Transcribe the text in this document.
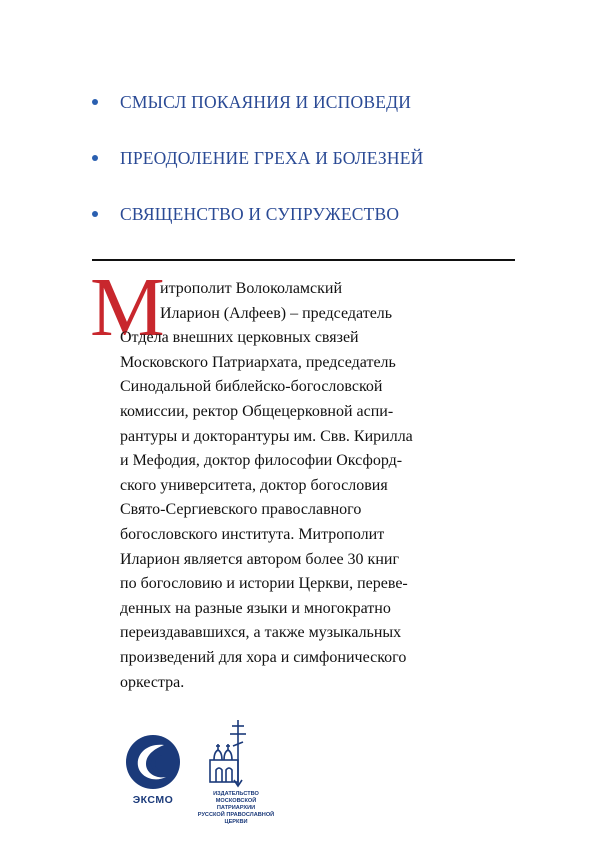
СМЫСЛ ПОКАЯНИЯ И ИСПОВЕДИ
ПРЕОДОЛЕНИЕ ГРЕХА И БОЛЕЗНЕЙ
СВЯЩЕНСТВО И СУПРУЖЕСТВО
М
итрополит Волоколамский
Иларион (Алфеев) – председатель
Отдела внешних церковных связей
Московского Патриархата, председатель
Синодальной библейско-богословской
комиссии, ректор Общецерковной аспи-
рантуры и докторантуры им. Свв. Кирилла
и Мефодия, доктор философии Оксфорд-
ского университета, доктор богословия
Свято-Сергиевского православного
богословского института. Митрополит
Иларион является автором более 30 книг
по богословию и истории Церкви, переве-
денных на разные языки и многократно
переиздававшихся, а также музыкальных
произведений для хора и симфонического
оркестра.
ЭКСМО	ИЗДАТЕЛЬСТВО
МОСКОВСКОЙ ПАТРИАРХИИ
РУССКОЙ ПРАВОСЛАВНОЙ ЦЕРКВИ
